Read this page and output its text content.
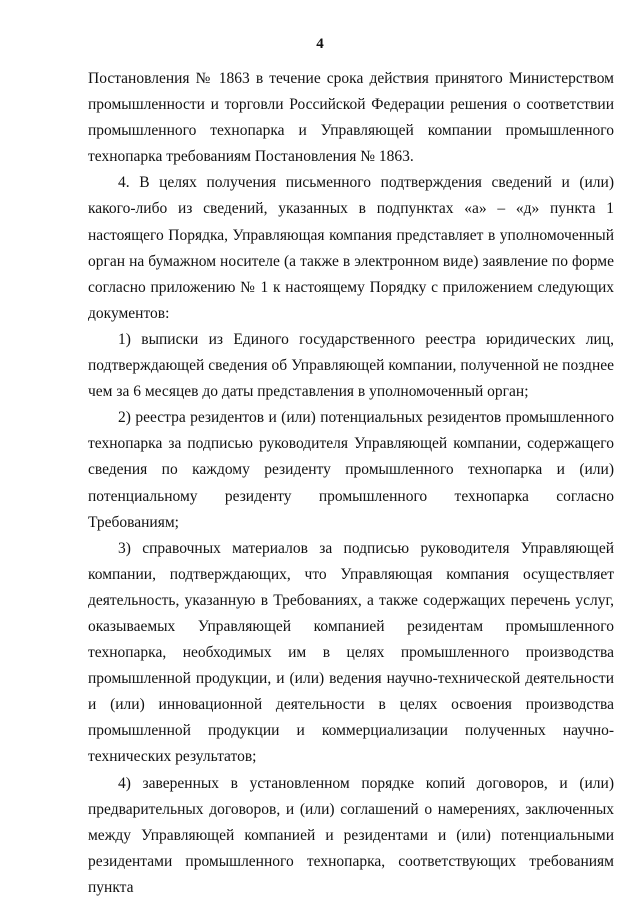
4

Постановления № 1863 в течение срока действия принятого Министерством промышленности и торговли Российской Федерации решения о соответствии промышленного технопарка и Управляющей компании промышленного технопарка требованиям Постановления № 1863.

4. В целях получения письменного подтверждения сведений и (или) какого-либо из сведений, указанных в подпунктах «а» – «д» пункта 1 настоящего Порядка, Управляющая компания представляет в уполномоченный орган на бумажном носителе (а также в электронном виде) заявление по форме согласно приложению № 1 к настоящему Порядку с приложением следующих документов:

1) выписки из Единого государственного реестра юридических лиц, подтверждающей сведения об Управляющей компании, полученной не позднее чем за 6 месяцев до даты представления в уполномоченный орган;

2) реестра резидентов и (или) потенциальных резидентов промышленного технопарка за подписью руководителя Управляющей компании, содержащего сведения по каждому резиденту промышленного технопарка и (или) потенциальному резиденту промышленного технопарка согласно Требованиям;

3) справочных материалов за подписью руководителя Управляющей компании, подтверждающих, что Управляющая компания осуществляет деятельность, указанную в Требованиях, а также содержащих перечень услуг, оказываемых Управляющей компанией резидентам промышленного технопарка, необходимых им в целях промышленного производства промышленной продукции, и (или) ведения научно-технической деятельности и (или) инновационной деятельности в целях освоения производства промышленной продукции и коммерциализации полученных научно-технических результатов;

4) заверенных в установленном порядке копий договоров, и (или) предварительных договоров, и (или) соглашений о намерениях, заключенных между Управляющей компанией и резидентами и (или) потенциальными резидентами промышленного технопарка, соответствующих требованиям пункта
